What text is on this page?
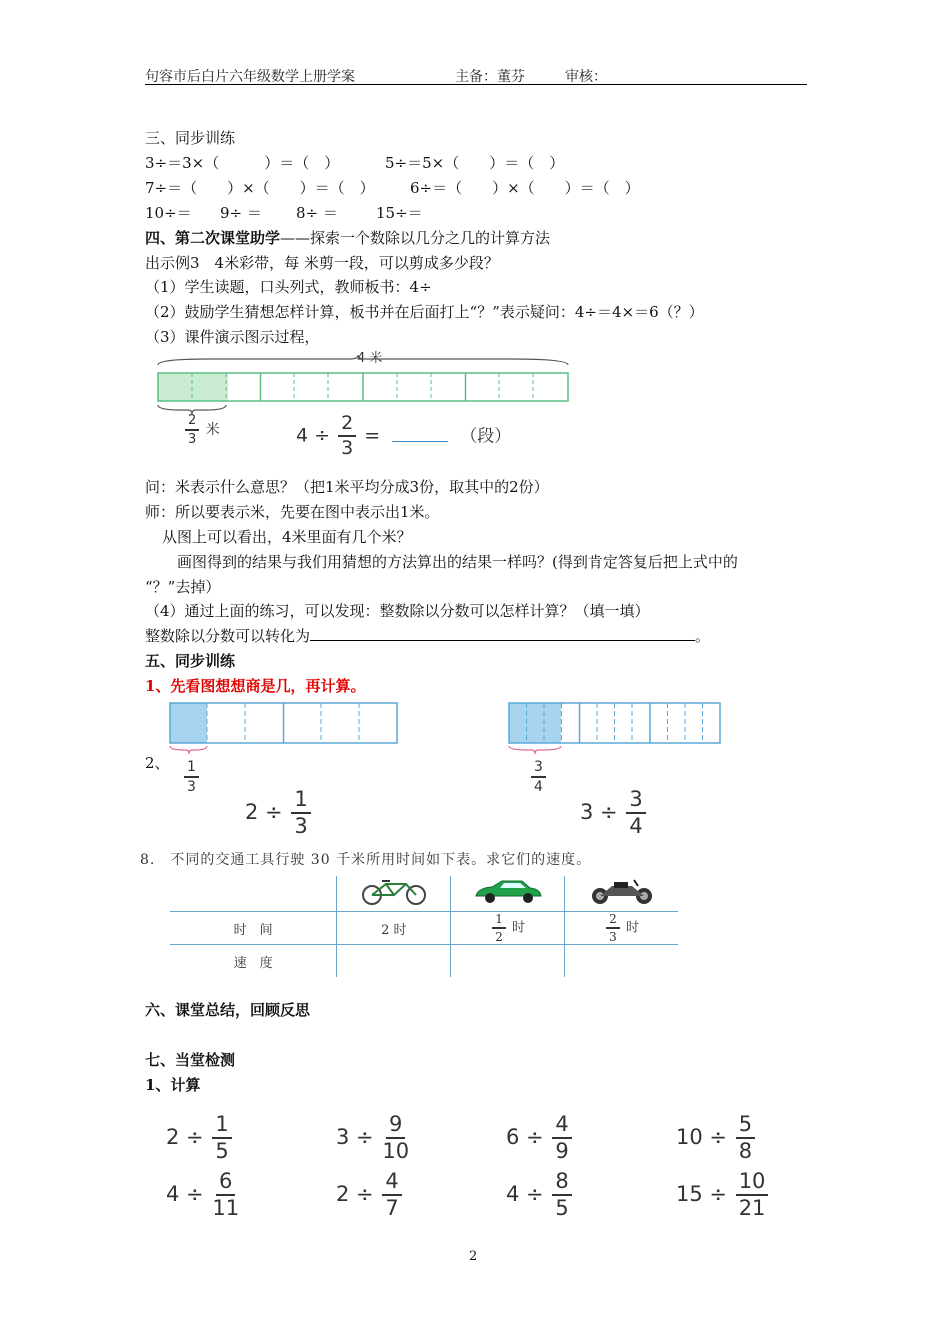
句容市后白片六年级数学上册学案	主备：董芬	审核：
三、同步训练
3÷＝3×（　　　）＝（　）	5÷＝5×（　　）＝（　）
7÷＝（　　）×（　　）＝（　） 6÷＝（　　）×（　　）＝（　）
10÷＝ 9÷ ＝ 8÷ ＝	15÷＝
四、第二次课堂助学——探索一个数除以几分之几的计算方法
出示例3　4米彩带，每 米剪一段，可以剪成多少段？
（1）学生读题，口头列式，教师板书：4÷
（2）鼓励学生猜想怎样计算，板书并在后面打上“？”表示疑问：4÷＝4×＝6（？）
（3）课件演示图示过程，
4 米
$\frac{2}{3}$ 米	$4 \div \frac{2}{3}$ =	（段）
问：米表示什么意思？（把1米平均分成3份，取其中的2份）
师：所以要表示米，先要在图中表示出1米。
从图上可以看出，4米里面有几个米？
画图得到的结果与我们用猜想的方法算出的结果一样吗？(得到肯定答复后把上式中的
“？”去掉）
（4）通过上面的练习，可以发现：整数除以分数可以怎样计算？（填一填）
整数除以分数可以转化为	。
五、同步训练
1、先看图想想商是几，再计算。
2、 $\frac{1}{3}$
$2 \div \frac{1}{3}$
$\frac{3}{4}$
$3 \div \frac{3}{4}$
8.　不同的交通工具行驶 30 千米所用时间如下表。求它们的速度。

时　间	2 时	$\frac{1}{2}$ 时	$\frac{2}{3}$ 时
速　度			
六、课堂总结，回顾反思
七、当堂检测
1、计算
$2 \div \frac{1}{5}$	$3 \div \frac{9}{10}$	$6 \div \frac{4}{9}$	$10 \div \frac{5}{8}$
$4 \div \frac{6}{11}$	$2 \div \frac{4}{7}$	$4 \div \frac{8}{5}$	$15 \div \frac{10}{21}$
2
